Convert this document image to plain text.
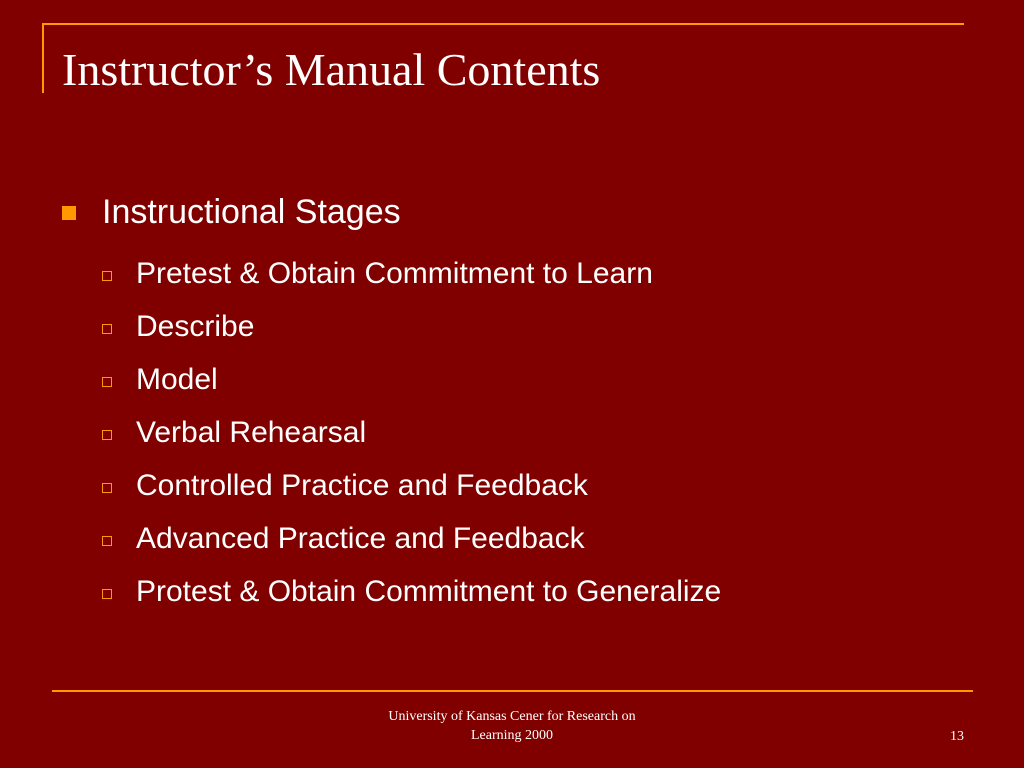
Instructor’s Manual Contents
Instructional Stages
Pretest & Obtain Commitment to Learn
Describe
Model
Verbal Rehearsal
Controlled Practice and Feedback
Advanced Practice and Feedback
Protest & Obtain Commitment to Generalize
University of Kansas Cener for Research on
Learning 2000	13
